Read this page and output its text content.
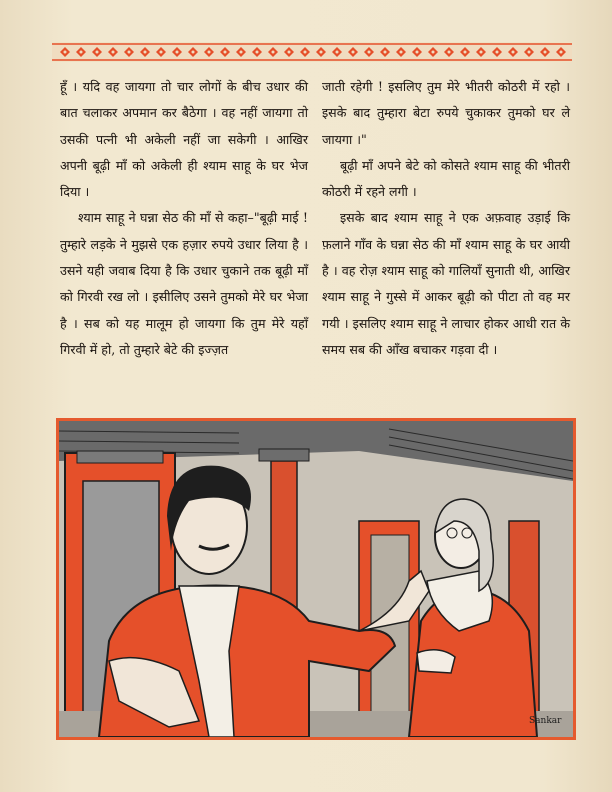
हूँ । यदि वह जायगा तो चार लोगों के बीच उधार की बात चलाकर अपमान कर बैठेगा । वह नहीं जायगा तो उसकी पत्नी भी अकेली नहीं जा सकेगी । आखिर अपनी बूढ़ी माँ को अकेली ही श्याम साहू के घर भेज दिया ।

श्याम साहू ने घन्ना सेठ की माँ से कहा–"बूढ़ी माई ! तुम्हारे लड़के ने मुझसे एक हज़ार रुपये उधार लिया है । उसने यही जवाब दिया है कि उधार चुकाने तक बूढ़ी माँ को गिरवी रख लो । इसीलिए उसने तुमको मेरे घर भेजा है । सब को यह मालूम हो जायगा कि तुम मेरे यहाँ गिरवी में हो, तो तुम्हारे बेटे की इज्ज़त

जाती रहेगी ! इसलिए तुम मेरे भीतरी कोठरी में रहो । इसके बाद तुम्हारा बेटा रुपये चुकाकर तुमको घर ले जायगा ।"

बूढ़ी माँ अपने बेटे को कोसते श्याम साहू की भीतरी कोठरी में रहने लगी ।

इसके बाद श्याम साहू ने एक अफ़वाह उड़ाई कि फ़लाने गाँव के घन्ना सेठ की माँ श्याम साहू के घर आयी है । वह रोज़ श्याम साहू को गालियाँ सुनाती थी, आखिर श्याम साहू ने गुस्से में आकर बूढ़ी को पीटा तो वह मर गयी । इसलिए श्याम साहू ने लाचार होकर आधी रात के समय सब की आँख बचाकर गड़वा दी ।

Sankar
